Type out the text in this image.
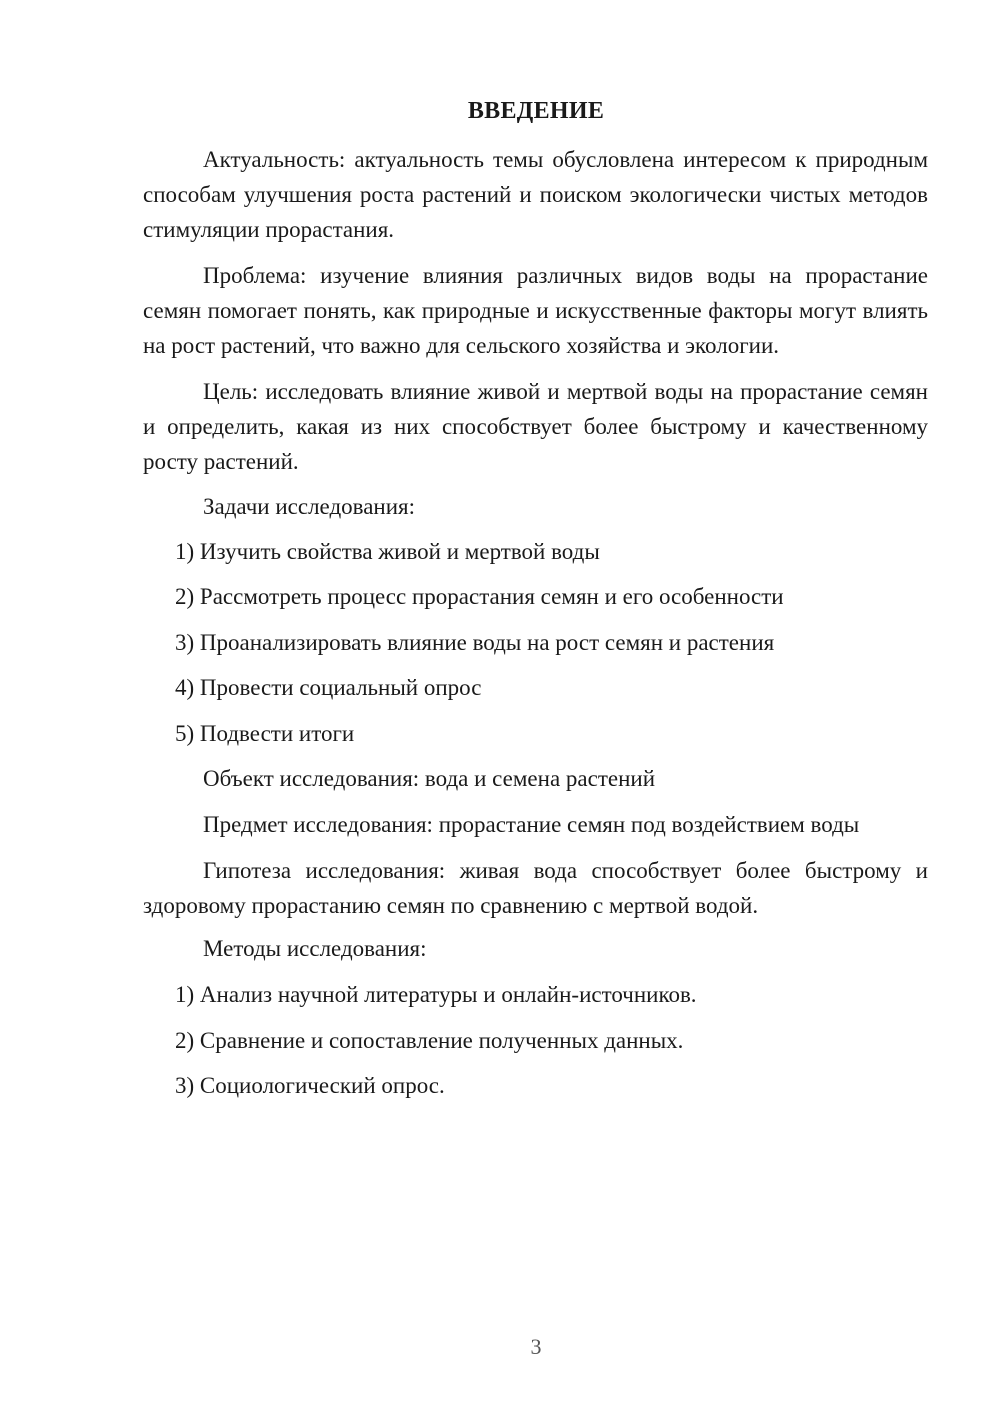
ВВЕДЕНИЕ
Актуальность: актуальность темы обусловлена интересом к природным способам улучшения роста растений и поиском экологически чистых методов стимуляции прорастания.
Проблема: изучение влияния различных видов воды на прорастание семян помогает понять, как природные и искусственные факторы могут влиять на рост растений, что важно для сельского хозяйства и экологии.
Цель: исследовать влияние живой и мертвой воды на прорастание семян и определить, какая из них способствует более быстрому и качественному росту растений.
Задачи исследования:
1) Изучить свойства живой и мертвой воды
2) Рассмотреть процесс прорастания семян и его особенности
3) Проанализировать влияние воды на рост семян и растения
4) Провести социальный опрос
5) Подвести итоги
Объект исследования: вода и семена растений
Предмет исследования: прорастание семян под воздействием воды
Гипотеза исследования: живая вода способствует более быстрому и здоровому прорастанию семян по сравнению с мертвой водой.
Методы исследования:
1) Анализ научной литературы и онлайн-источников.
2) Сравнение и сопоставление полученных данных.
3) Социологический опрос.
3
